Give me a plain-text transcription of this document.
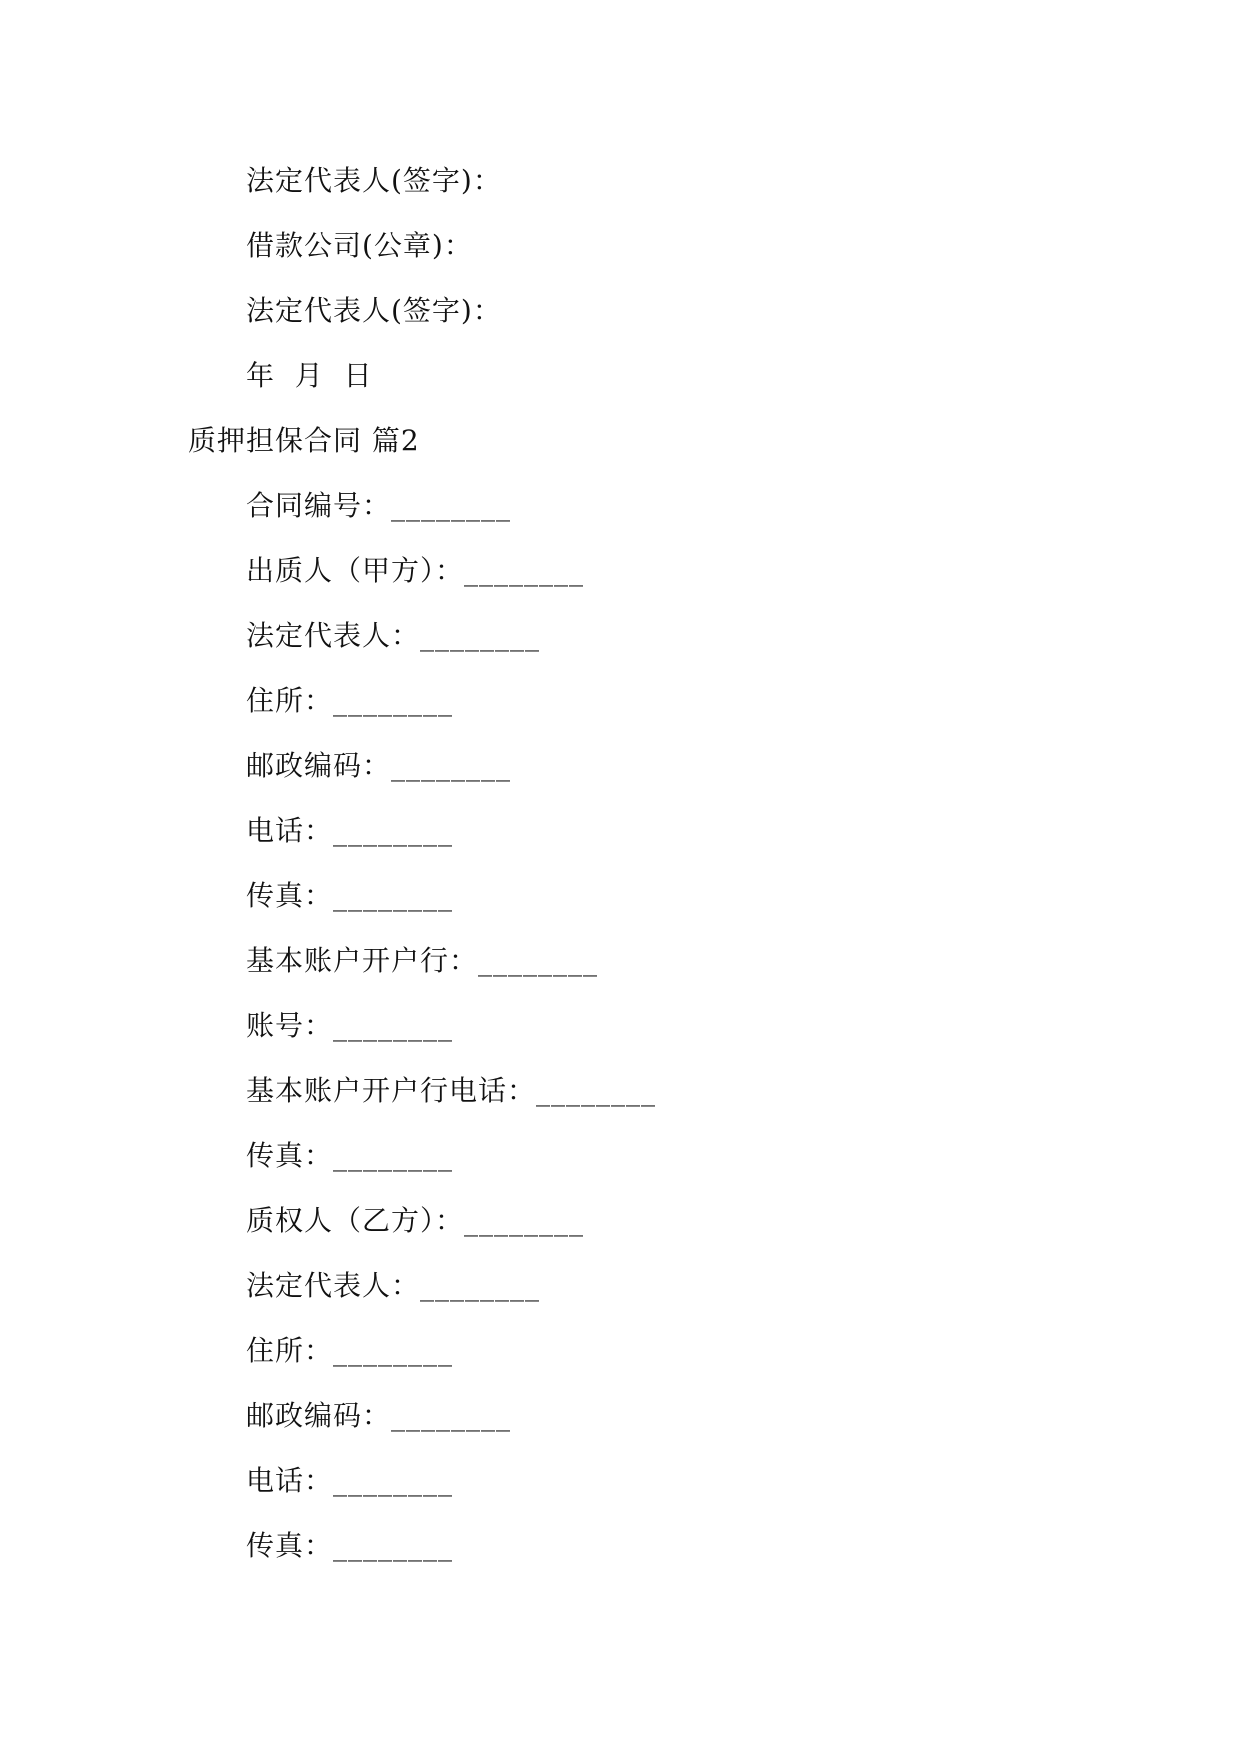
法定代表人(签字)：
借款公司(公章)：
法定代表人(签字)：
年  月  日
质押担保合同 篇2
合同编号：________
出质人（甲方）：________
法定代表人：________
住所：________
邮政编码：________
电话：________
传真：________
基本账户开户行：________
账号：________
基本账户开户行电话：________
传真：________
质权人（乙方）：________
法定代表人：________
住所：________
邮政编码：________
电话：________
传真：________
